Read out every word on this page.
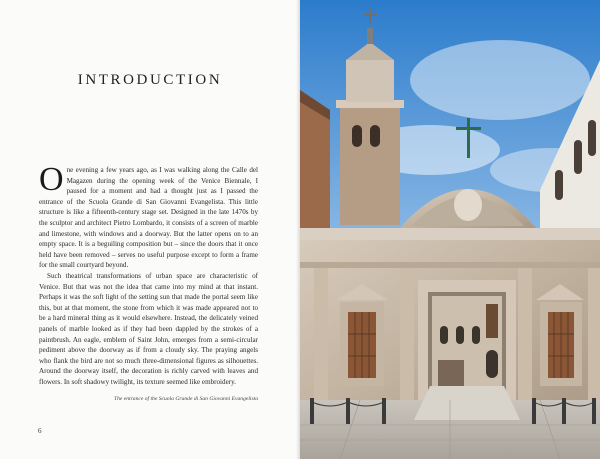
INTRODUCTION

One evening a few years ago, as I was walking along the Calle del Magazen during the opening week of the Venice Biennale, I paused for a moment and had a thought just as I passed the entrance of the Scuola Grande di San Giovanni Evangelista. This little structure is like a fifteenth-century stage set. Designed in the late 1470s by the sculptor and architect Pietro Lombardo, it consists of a screen of marble and limestone, with windows and a doorway. But the latter opens on to an empty space. It is a beguiling composition but – since the doors that it once held have been removed – serves no useful purpose except to form a frame for the small courtyard beyond.

Such theatrical transformations of urban space are characteristic of Venice. But that was not the idea that came into my mind at that instant. Perhaps it was the soft light of the setting sun that made the portal seem like this, but at that moment, the stone from which it was made appeared not to be a hard mineral thing as it would elsewhere. Instead, the delicately veined panels of marble looked as if they had been dappled by the strokes of a paintbrush. An eagle, emblem of Saint John, emerges from a semi-circular pediment above the doorway as if from a cloudy sky. The praying angels who flank the bird are not so much three-dimensional figures as silhouettes. Around the doorway itself, the decoration is richly carved with leaves and flowers. In soft shadowy twilight, its texture seemed like embroidery.

The entrance of the Scuola Grande di San Giovanni Evangelista
6
